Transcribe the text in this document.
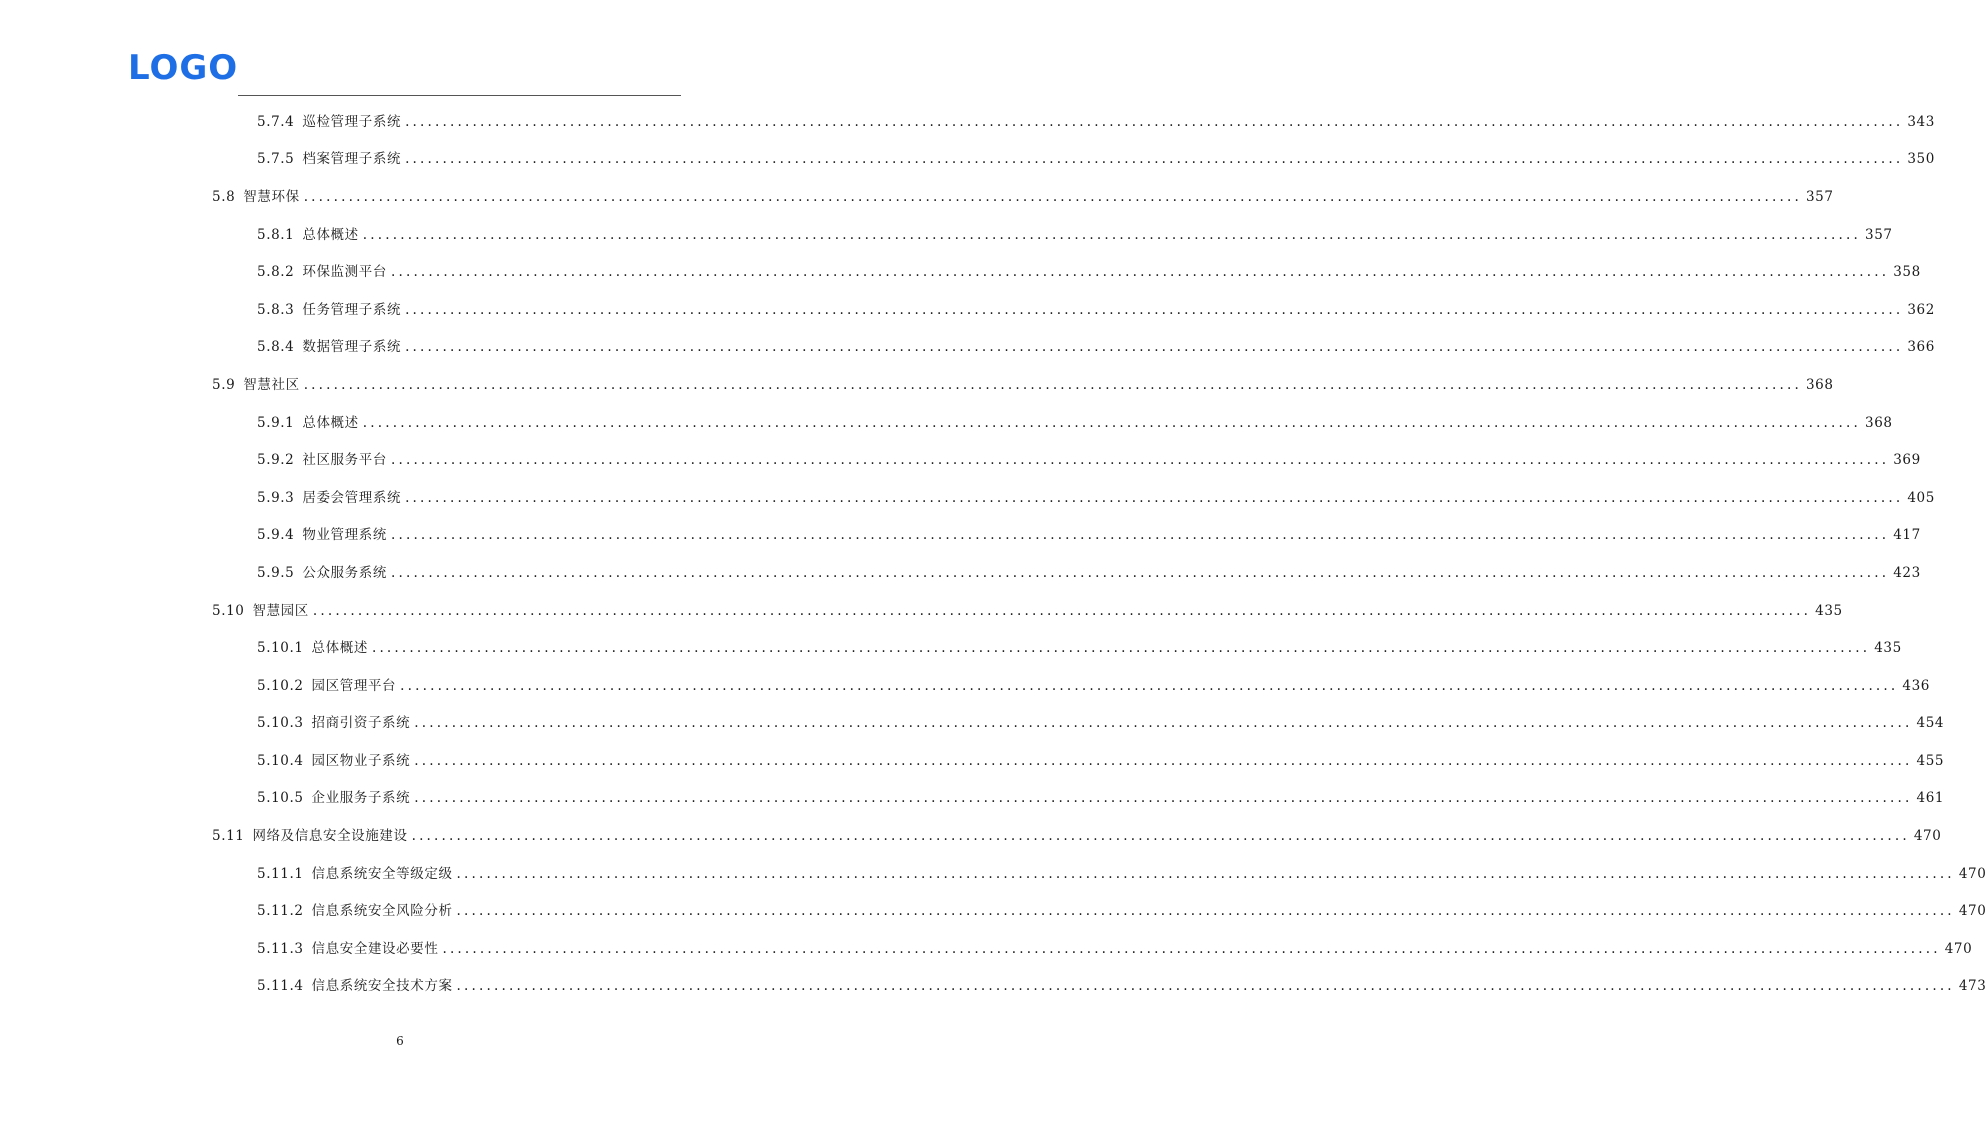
LOGO
5.7.4 巡检管理子系统 ........................................................................................................................................................................................................ 343
5.7.5 档案管理子系统 ........................................................................................................................................................................................................ 350
5.8 智慧环保 ........................................................................................................................................................................................................ 357
5.8.1 总体概述 ........................................................................................................................................................................................................ 357
5.8.2 环保监测平台 ........................................................................................................................................................................................................ 358
5.8.3 任务管理子系统 ........................................................................................................................................................................................................ 362
5.8.4 数据管理子系统 ........................................................................................................................................................................................................ 366
5.9 智慧社区 ........................................................................................................................................................................................................ 368
5.9.1 总体概述 ........................................................................................................................................................................................................ 368
5.9.2 社区服务平台 ........................................................................................................................................................................................................ 369
5.9.3 居委会管理系统 ........................................................................................................................................................................................................ 405
5.9.4 物业管理系统 ........................................................................................................................................................................................................ 417
5.9.5 公众服务系统 ........................................................................................................................................................................................................ 423
5.10 智慧园区 ........................................................................................................................................................................................................ 435
5.10.1 总体概述 ........................................................................................................................................................................................................ 435
5.10.2 园区管理平台 ........................................................................................................................................................................................................ 436
5.10.3 招商引资子系统 ........................................................................................................................................................................................................ 454
5.10.4 园区物业子系统 ........................................................................................................................................................................................................ 455
5.10.5 企业服务子系统 ........................................................................................................................................................................................................ 461
5.11 网络及信息安全设施建设 ........................................................................................................................................................................................................ 470
5.11.1 信息系统安全等级定级 ........................................................................................................................................................................................................ 470
5.11.2 信息系统安全风险分析 ........................................................................................................................................................................................................ 470
5.11.3 信息安全建设必要性 ........................................................................................................................................................................................................ 470
5.11.4 信息系统安全技术方案 ........................................................................................................................................................................................................ 473
6
